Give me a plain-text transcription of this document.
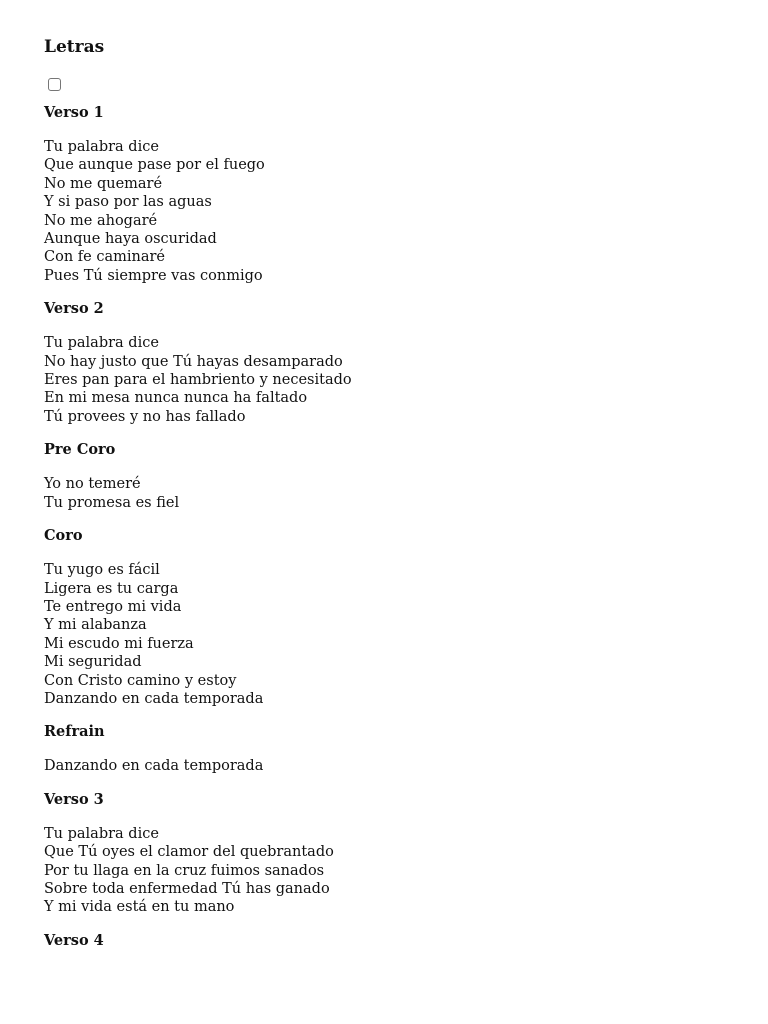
Letras
Verso 1
Tu palabra dice
Que aunque pase por el fuego
No me quemaré
Y si paso por las aguas
No me ahogaré
Aunque haya oscuridad
Con fe caminaré
Pues Tú siempre vas conmigo
Verso 2
Tu palabra dice
No hay justo que Tú hayas desamparado
Eres pan para el hambriento y necesitado
En mi mesa nunca nunca ha faltado
Tú provees y no has fallado
Pre Coro
Yo no temeré
Tu promesa es fiel
Coro
Tu yugo es fácil
Ligera es tu carga
Te entrego mi vida
Y mi alabanza
Mi escudo mi fuerza
Mi seguridad
Con Cristo camino y estoy
Danzando en cada temporada
Refrain
Danzando en cada temporada
Verso 3
Tu palabra dice
Que Tú oyes el clamor del quebrantado
Por tu llaga en la cruz fuimos sanados
Sobre toda enfermedad Tú has ganado
Y mi vida está en tu mano
Verso 4
